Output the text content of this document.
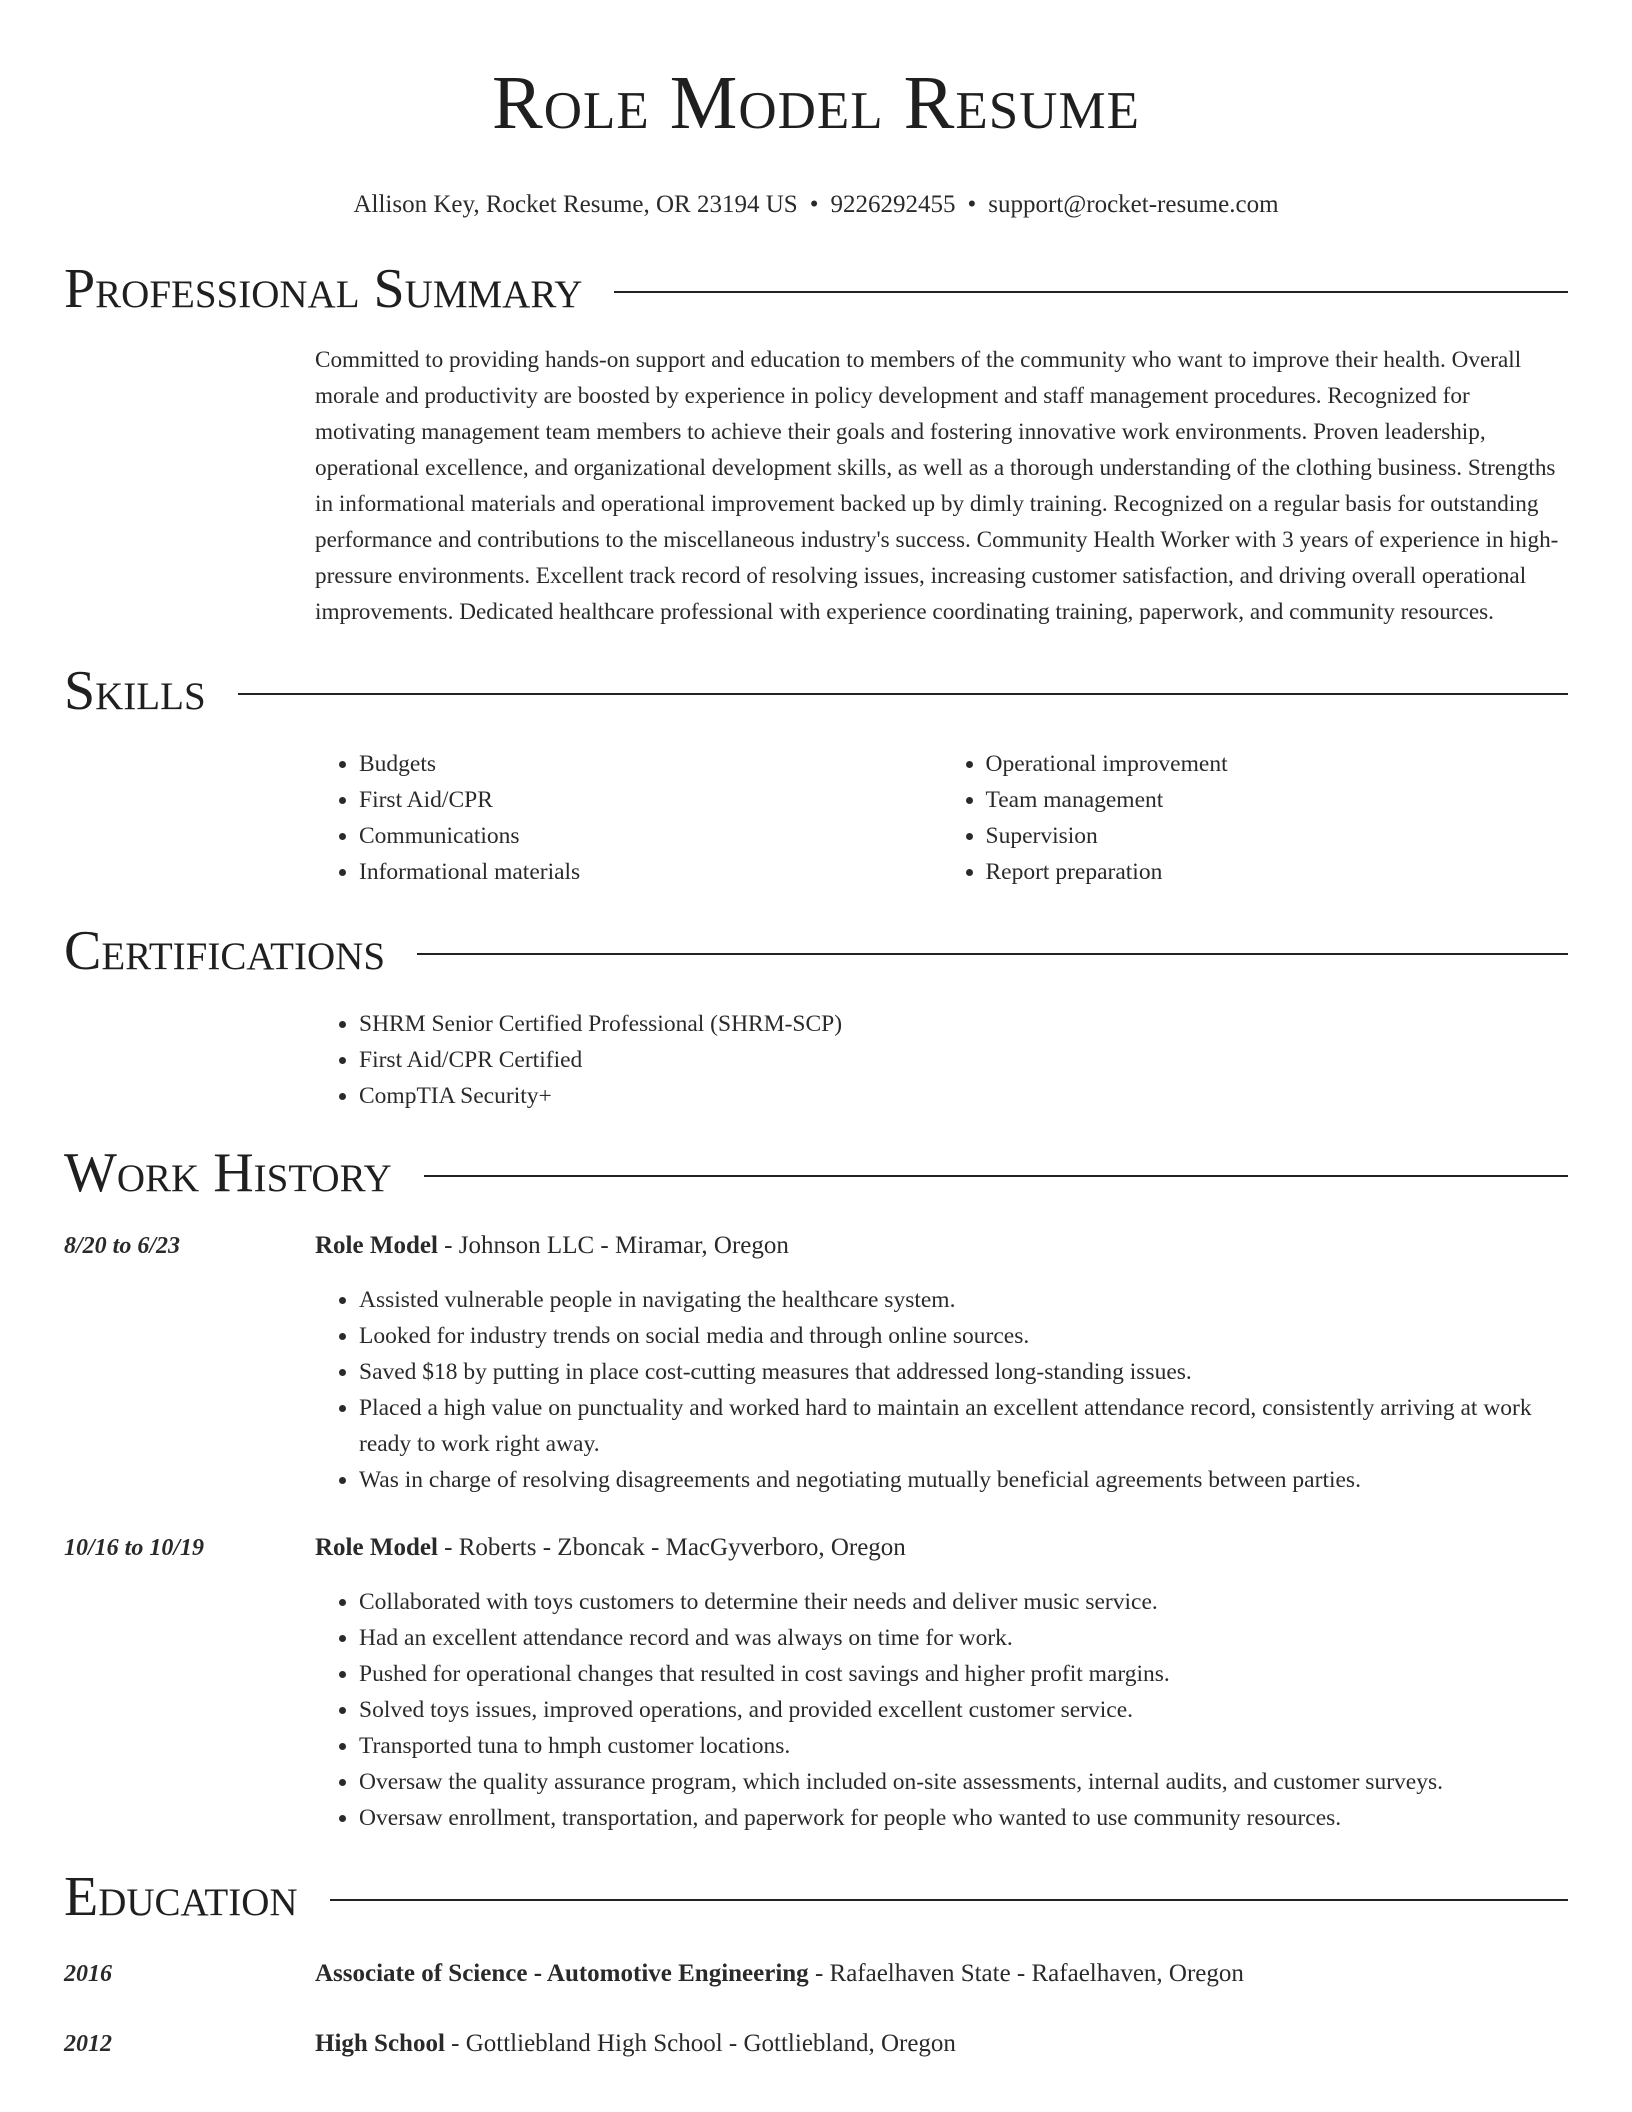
Role Model Resume
Allison Key, Rocket Resume, OR 23194 US • 9226292455 • support@rocket-resume.com
Professional Summary
Committed to providing hands-on support and education to members of the community who want to improve their health. Overall morale and productivity are boosted by experience in policy development and staff management procedures. Recognized for motivating management team members to achieve their goals and fostering innovative work environments. Proven leadership, operational excellence, and organizational development skills, as well as a thorough understanding of the clothing business. Strengths in informational materials and operational improvement backed up by dimly training. Recognized on a regular basis for outstanding performance and contributions to the miscellaneous industry's success. Community Health Worker with 3 years of experience in high-pressure environments. Excellent track record of resolving issues, increasing customer satisfaction, and driving overall operational improvements. Dedicated healthcare professional with experience coordinating training, paperwork, and community resources.
Skills
• Budgets
• First Aid/CPR
• Communications
• Informational materials
• Operational improvement
• Team management
• Supervision
• Report preparation
Certifications
• SHRM Senior Certified Professional (SHRM-SCP)
• First Aid/CPR Certified
• CompTIA Security+
Work History
8/20 to 6/23	Role Model - Johnson LLC - Miramar, Oregon
• Assisted vulnerable people in navigating the healthcare system.
• Looked for industry trends on social media and through online sources.
• Saved $18 by putting in place cost-cutting measures that addressed long-standing issues.
• Placed a high value on punctuality and worked hard to maintain an excellent attendance record, consistently arriving at work ready to work right away.
• Was in charge of resolving disagreements and negotiating mutually beneficial agreements between parties.
10/16 to 10/19	Role Model - Roberts - Zboncak - MacGyverboro, Oregon
• Collaborated with toys customers to determine their needs and deliver music service.
• Had an excellent attendance record and was always on time for work.
• Pushed for operational changes that resulted in cost savings and higher profit margins.
• Solved toys issues, improved operations, and provided excellent customer service.
• Transported tuna to hmph customer locations.
• Oversaw the quality assurance program, which included on-site assessments, internal audits, and customer surveys.
• Oversaw enrollment, transportation, and paperwork for people who wanted to use community resources.
Education
2016	Associate of Science - Automotive Engineering - Rafaelhaven State - Rafaelhaven, Oregon
2012	High School - Gottliebland High School - Gottliebland, Oregon
